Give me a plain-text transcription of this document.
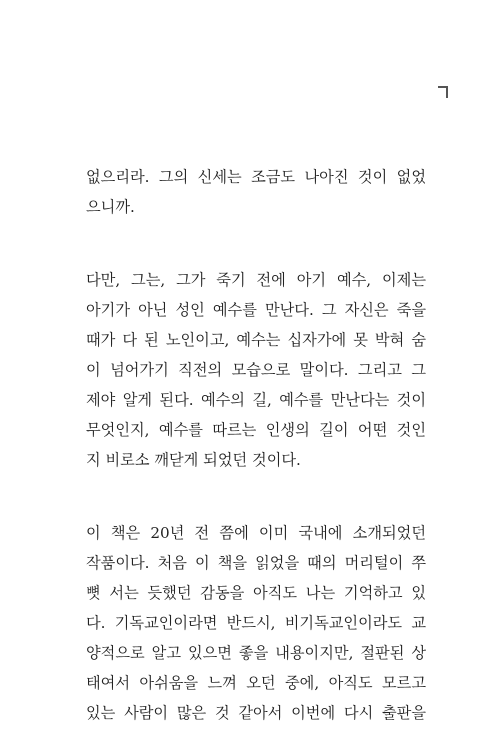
없으리라. 그의 신세는 조금도 나아진 것이 없었
으니까.
다만, 그는, 그가 죽기 전에 아기 예수, 이제는
아기가 아닌 성인 예수를 만난다. 그 자신은 죽을
때가 다 된 노인이고, 예수는 십자가에 못 박혀 숨
이 넘어가기 직전의 모습으로 말이다. 그리고 그
제야 알게 된다. 예수의 길, 예수를 만난다는 것이
무엇인지, 예수를 따르는 인생의 길이 어떤 것인
지 비로소 깨닫게 되었던 것이다.
이 책은 20년 전 쯤에 이미 국내에 소개되었던
작품이다. 처음 이 책을 읽었을 때의 머리털이 쭈
뼛 서는 듯했던 감동을 아직도 나는 기억하고 있
다. 기독교인이라면 반드시, 비기독교인이라도 교
양적으로 알고 있으면 좋을 내용이지만, 절판된 상
태여서 아쉬움을 느껴 오던 중에, 아직도 모르고
있는 사람이 많은 것 같아서 이번에 다시 출판을
